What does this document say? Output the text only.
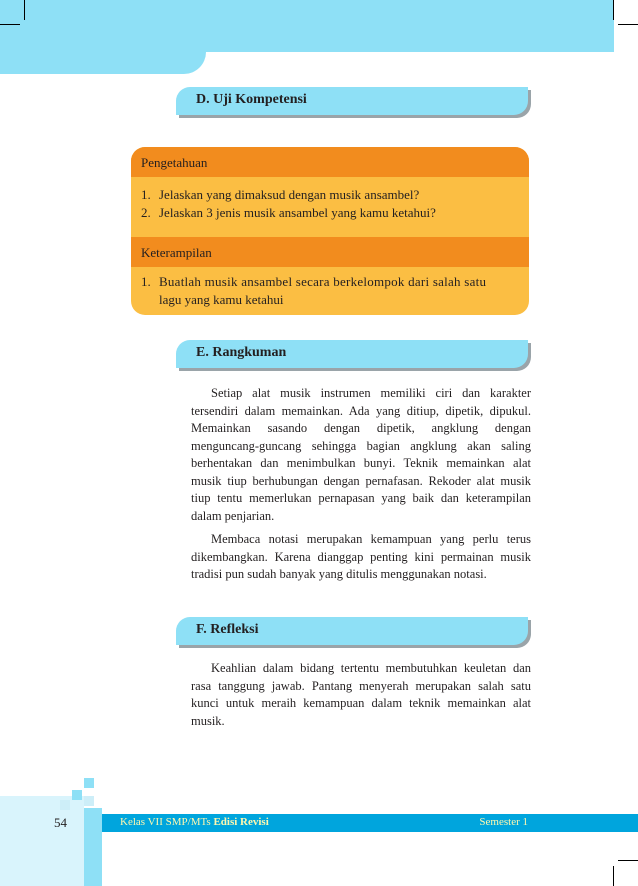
D. Uji Kompetensi
Pengetahuan
1. Jelaskan yang dimaksud dengan musik ansambel?
2. Jelaskan 3 jenis musik ansambel yang kamu ketahui?
Keterampilan
1. Buatlah musik ansambel secara berkelompok dari salah satu
lagu yang kamu ketahui
E. Rangkuman

Setiap alat musik instrumen memiliki ciri dan karakter tersendiri dalam memainkan. Ada yang ditiup, dipetik, dipukul. Memainkan sasando dengan dipetik, angklung dengan menguncang-guncang sehingga bagian angklung akan saling berhentakan dan menimbulkan bunyi. Teknik memainkan alat musik tiup berhubungan dengan pernafasan. Rekoder alat musik tiup tentu memerlukan pernapasan yang baik dan keterampilan dalam penjarian.

Membaca notasi merupakan kemampuan yang perlu terus dikembangkan. Karena dianggap penting kini permainan musik tradisi pun sudah banyak yang ditulis menggunakan notasi.

F. Refleksi

Keahlian dalam bidang tertentu membutuhkan keuletan dan rasa tanggung jawab. Pantang menyerah merupakan salah satu kunci untuk meraih kemampuan dalam teknik memainkan alat musik.

54	Kelas VII SMP/MTs Edisi Revisi	Semester 1
